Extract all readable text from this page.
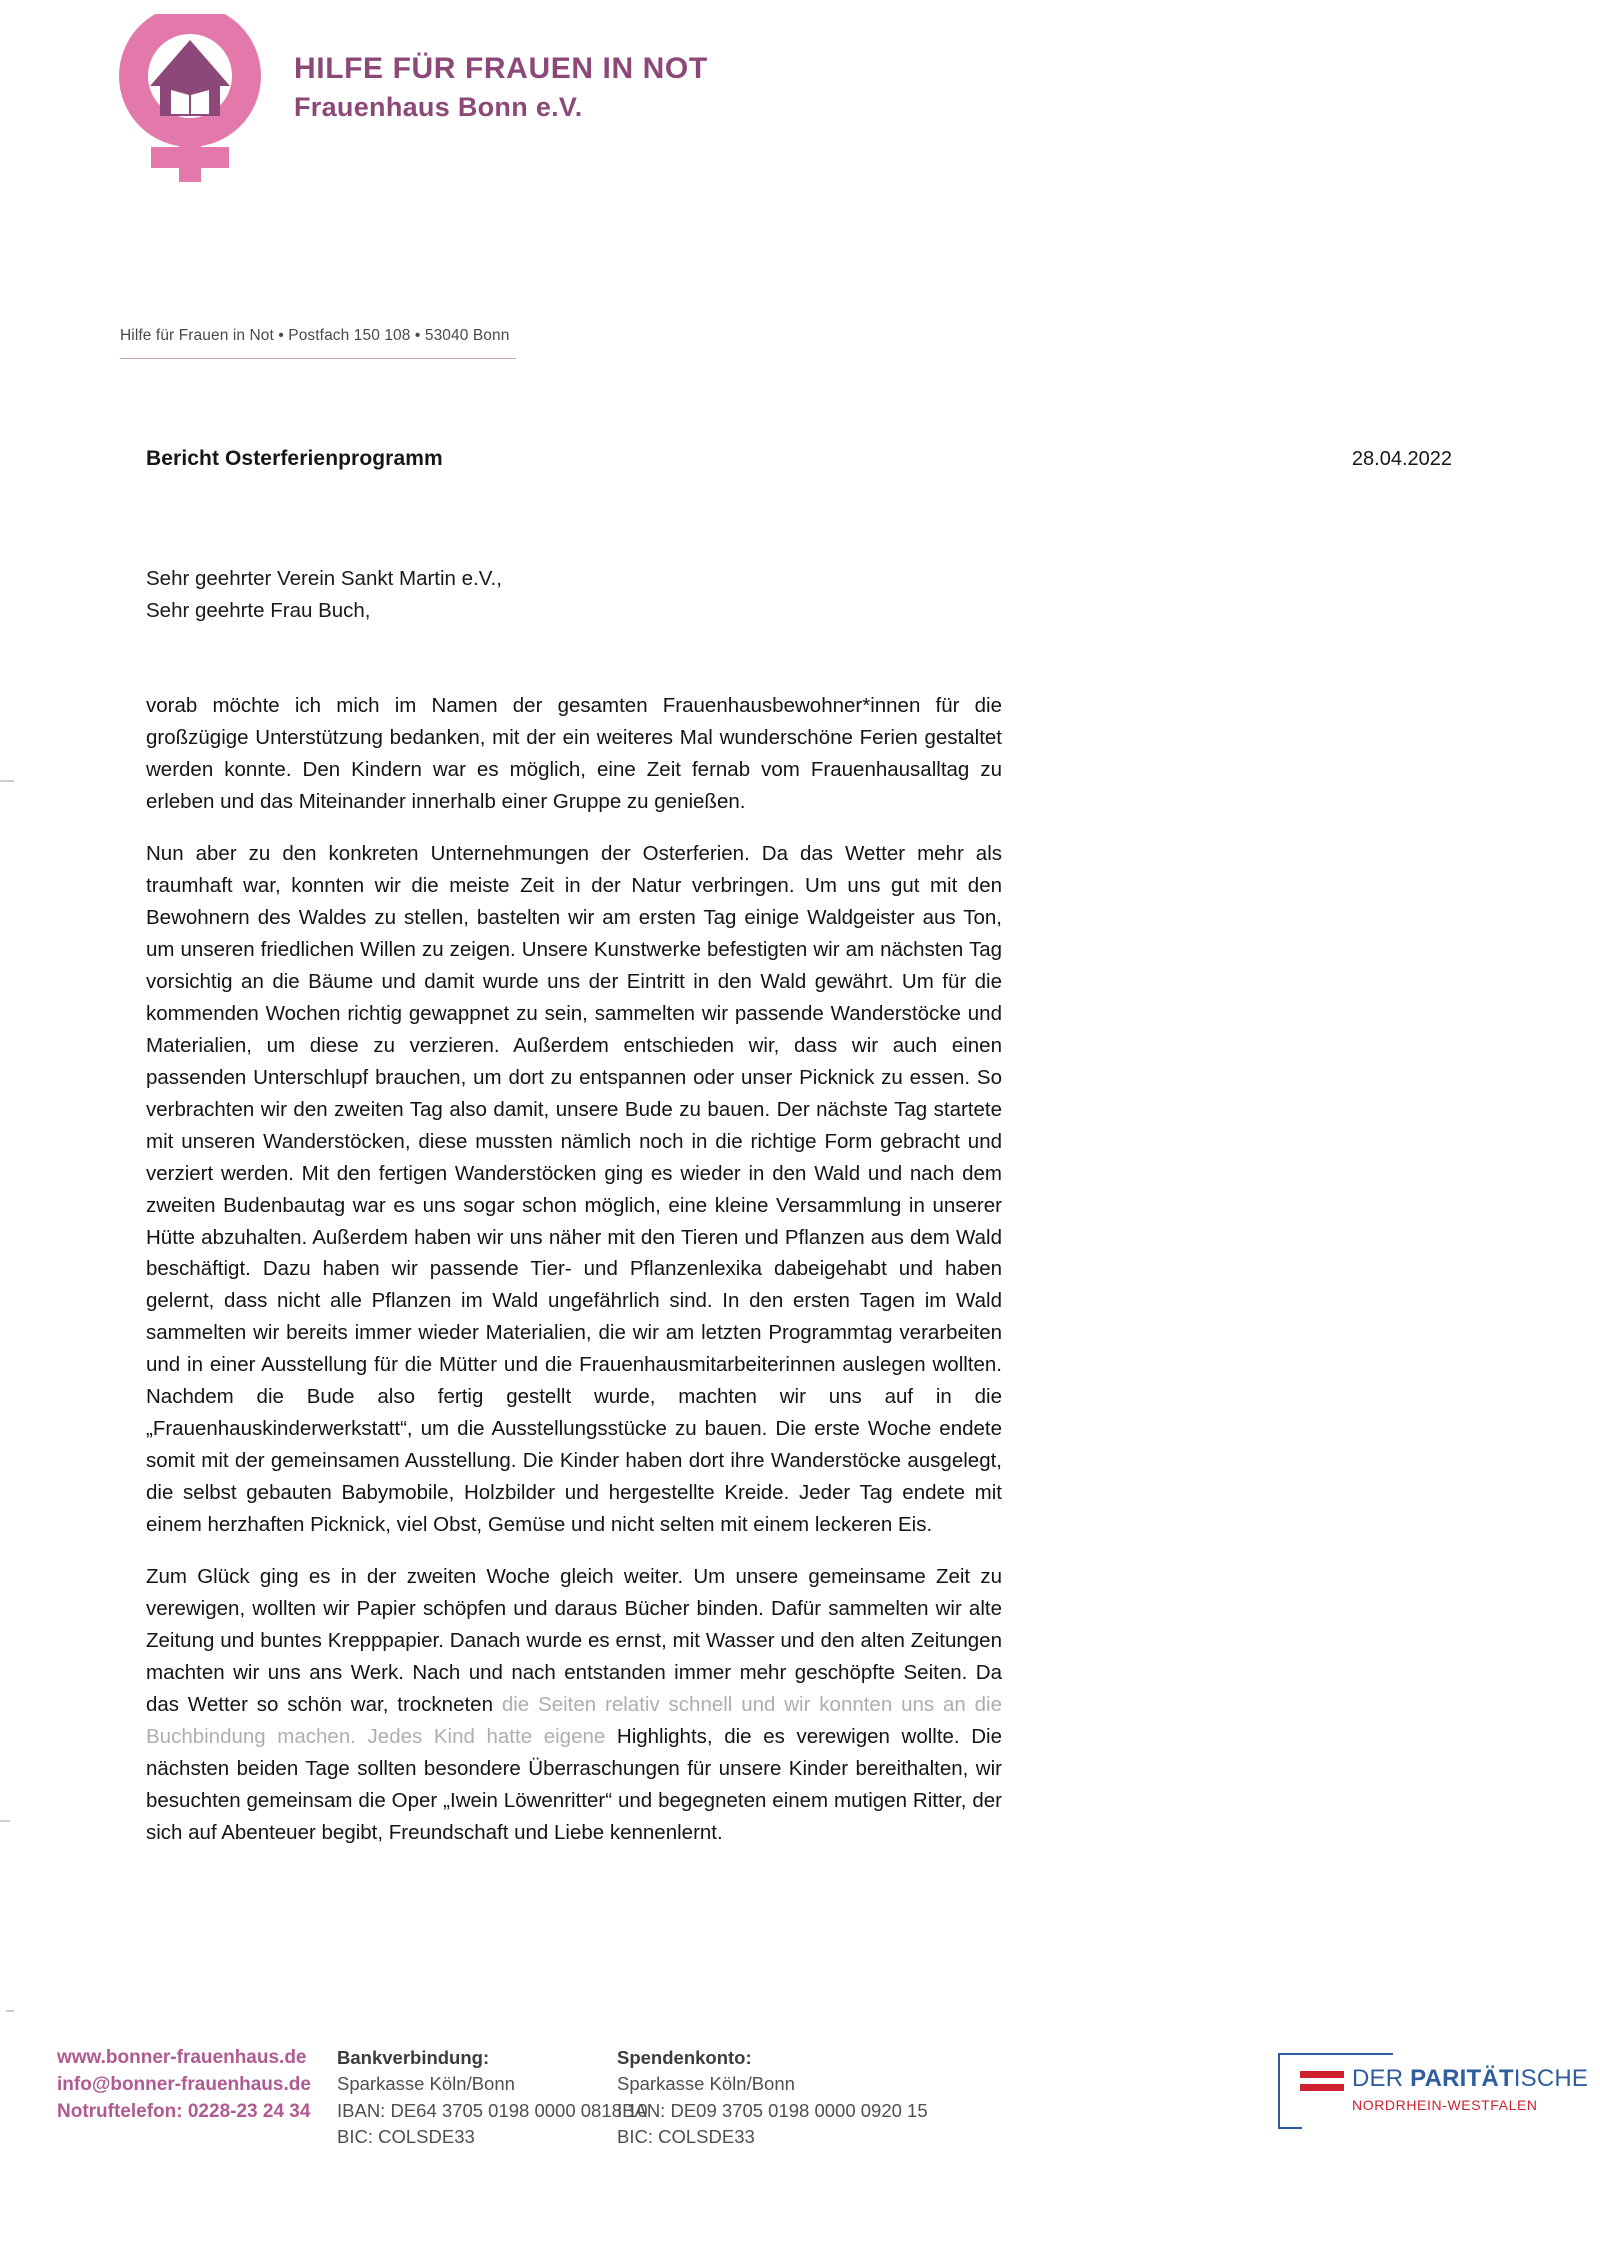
HILFE FÜR FRAUEN IN NOT
Frauenhaus Bonn e.V.
Hilfe für Frauen in Not • Postfach 150 108 • 53040 Bonn
Bericht Osterferienprogramm	28.04.2022
Sehr geehrter Verein Sankt Martin e.V.,
Sehr geehrte Frau Buch,

vorab möchte ich mich im Namen der gesamten Frauenhausbewohner*innen für die großzügige Unterstützung bedanken, mit der ein weiteres Mal wunderschöne Ferien gestaltet werden konnte. Den Kindern war es möglich, eine Zeit fernab vom Frauenhausalltag zu erleben und das Miteinander innerhalb einer Gruppe zu genießen.

Nun aber zu den konkreten Unternehmungen der Osterferien. Da das Wetter mehr als traumhaft war, konnten wir die meiste Zeit in der Natur verbringen. Um uns gut mit den Bewohnern des Waldes zu stellen, bastelten wir am ersten Tag einige Waldgeister aus Ton, um unseren friedlichen Willen zu zeigen. Unsere Kunstwerke befestigten wir am nächsten Tag vorsichtig an die Bäume und damit wurde uns der Eintritt in den Wald gewährt. Um für die kommenden Wochen richtig gewappnet zu sein, sammelten wir passende Wanderstöcke und Materialien, um diese zu verzieren. Außerdem entschieden wir, dass wir auch einen passenden Unterschlupf brauchen, um dort zu entspannen oder unser Picknick zu essen. So verbrachten wir den zweiten Tag also damit, unsere Bude zu bauen. Der nächste Tag startete mit unseren Wanderstöcken, diese mussten nämlich noch in die richtige Form gebracht und verziert werden. Mit den fertigen Wanderstöcken ging es wieder in den Wald und nach dem zweiten Budenbautag war es uns sogar schon möglich, eine kleine Versammlung in unserer Hütte abzuhalten. Außerdem haben wir uns näher mit den Tieren und Pflanzen aus dem Wald beschäftigt. Dazu haben wir passende Tier- und Pflanzenlexika dabeigehabt und haben gelernt, dass nicht alle Pflanzen im Wald ungefährlich sind. In den ersten Tagen im Wald sammelten wir bereits immer wieder Materialien, die wir am letzten Programmtag verarbeiten und in einer Ausstellung für die Mütter und die Frauenhausmitarbeiterinnen auslegen wollten. Nachdem die Bude also fertig gestellt wurde, machten wir uns auf in die „Frauenhauskinderwerkstatt“, um die Ausstellungsstücke zu bauen. Die erste Woche endete somit mit der gemeinsamen Ausstellung. Die Kinder haben dort ihre Wanderstöcke ausgelegt, die selbst gebauten Babymobile, Holzbilder und hergestellte Kreide. Jeder Tag endete mit einem herzhaften Picknick, viel Obst, Gemüse und nicht selten mit einem leckeren Eis.

Zum Glück ging es in der zweiten Woche gleich weiter. Um unsere gemeinsame Zeit zu verewigen, wollten wir Papier schöpfen und daraus Bücher binden. Dafür sammelten wir alte Zeitung und buntes Krepppapier. Danach wurde es ernst, mit Wasser und den alten Zeitungen machten wir uns ans Werk. Nach und nach entstanden immer mehr geschöpfte Seiten. Da das Wetter so schön war, trockneten die Seiten relativ schnell und wir konnten uns an die Buchbindung machen. Jedes Kind hatte eigene Highlights, die es verewigen wollte. Die nächsten beiden Tage sollten besondere Überraschungen für unsere Kinder bereithalten, wir besuchten gemeinsam die Oper „Iwein Löwenritter“ und begegneten einem mutigen Ritter, der sich auf Abenteuer begibt, Freundschaft und Liebe kennenlernt.

www.bonner-frauenhaus.de
info@bonner-frauenhaus.de
Notruftelefon: 0228-23 24 34
Bankverbindung:
Sparkasse Köln/Bonn
IBAN: DE64 3705 0198 0000 0818 10
BIC: COLSDE33
Spendenkonto:
Sparkasse Köln/Bonn
IBAN: DE09 3705 0198 0000 0920 15
BIC: COLSDE33
DER PARITÄTISCHE
NORDRHEIN-WESTFALEN
